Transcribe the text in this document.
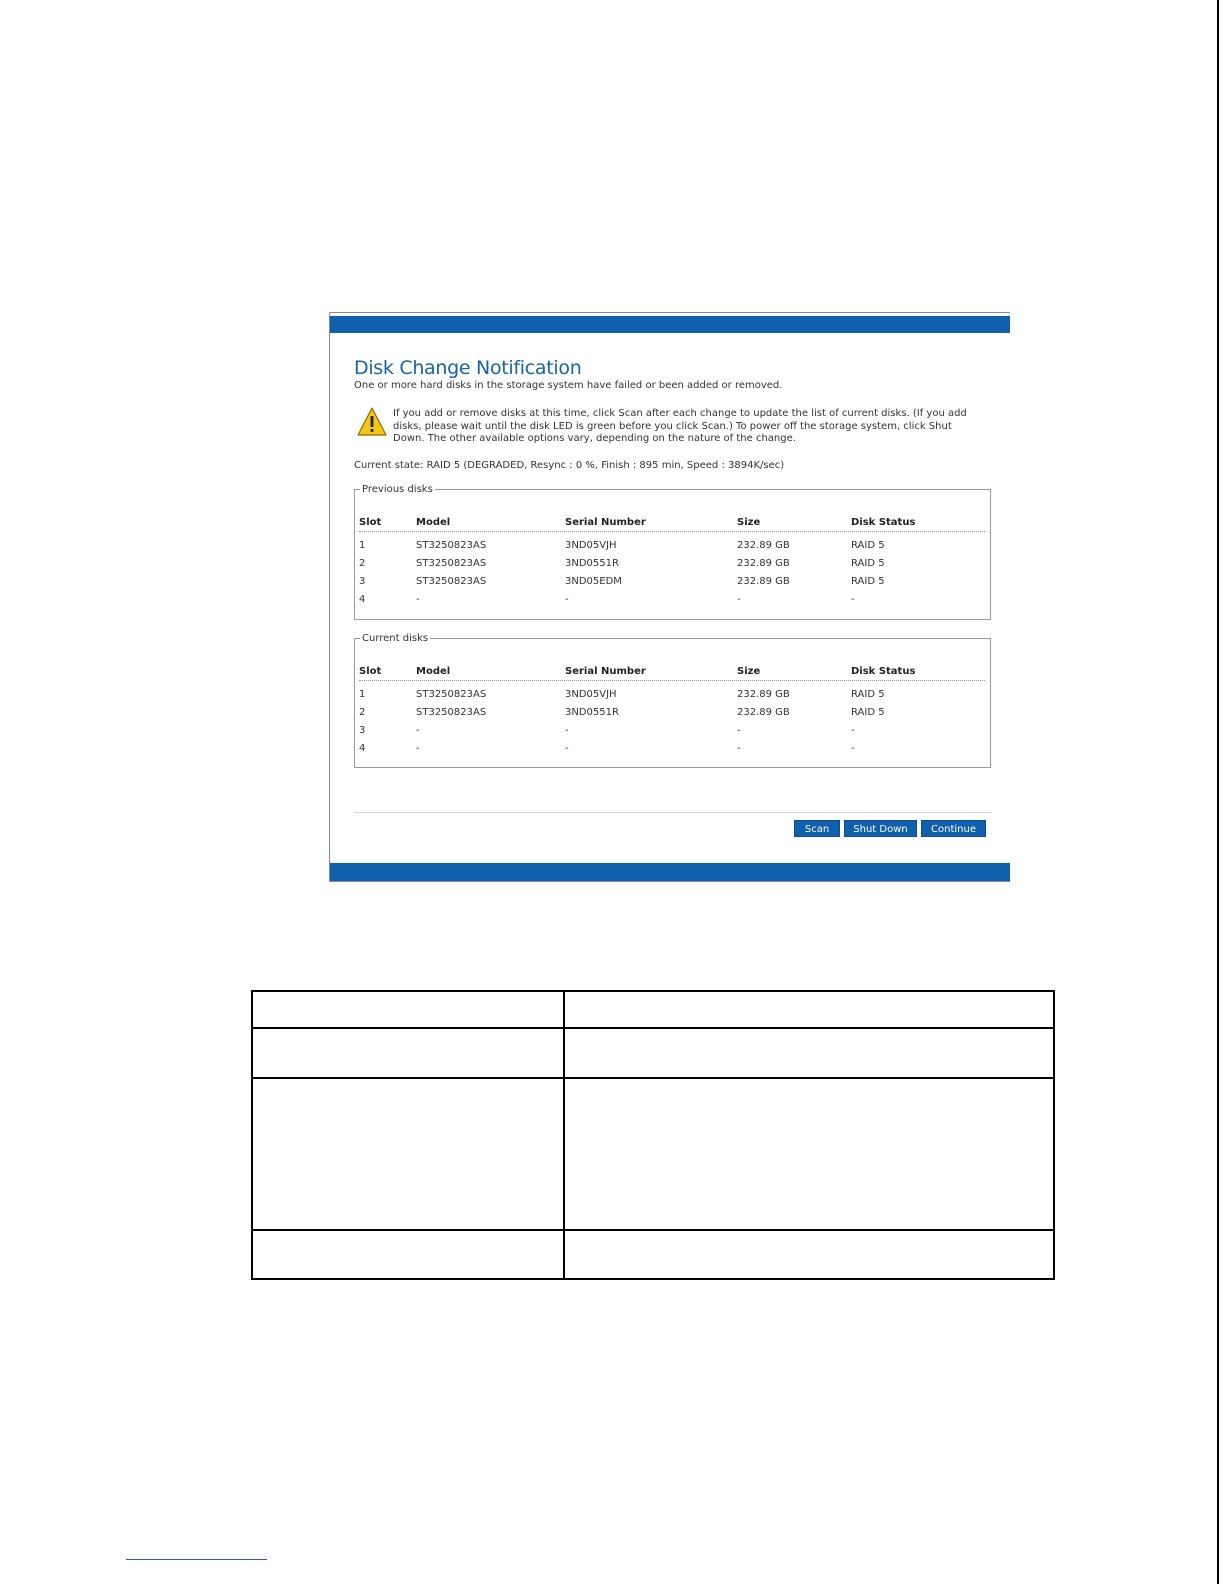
Disk Change Notification
One or more hard disks in the storage system have failed or been added or removed.
If you add or remove disks at this time, click Scan after each change to update the list of current disks. (If you add disks, please wait until the disk LED is green before you click Scan.) To power off the storage system, click Shut Down. The other available options vary, depending on the nature of the change.
Current state: RAID 5 (DEGRADED, Resync : 0 %, Finish : 895 min, Speed : 3894K/sec)
Previous disks
Slot	Model	Serial Number	Size	Disk Status
1	ST3250823AS	3ND05VJH	232.89 GB	RAID 5
2	ST3250823AS	3ND0551R	232.89 GB	RAID 5
3	ST3250823AS	3ND05EDM	232.89 GB	RAID 5
4	-	-	-	-
Current disks
Slot	Model	Serial Number	Size	Disk Status
1	ST3250823AS	3ND05VJH	232.89 GB	RAID 5
2	ST3250823AS	3ND0551R	232.89 GB	RAID 5
3	-	-	-	-
4	-	-	-	-
Scan	Shut Down	Continue
